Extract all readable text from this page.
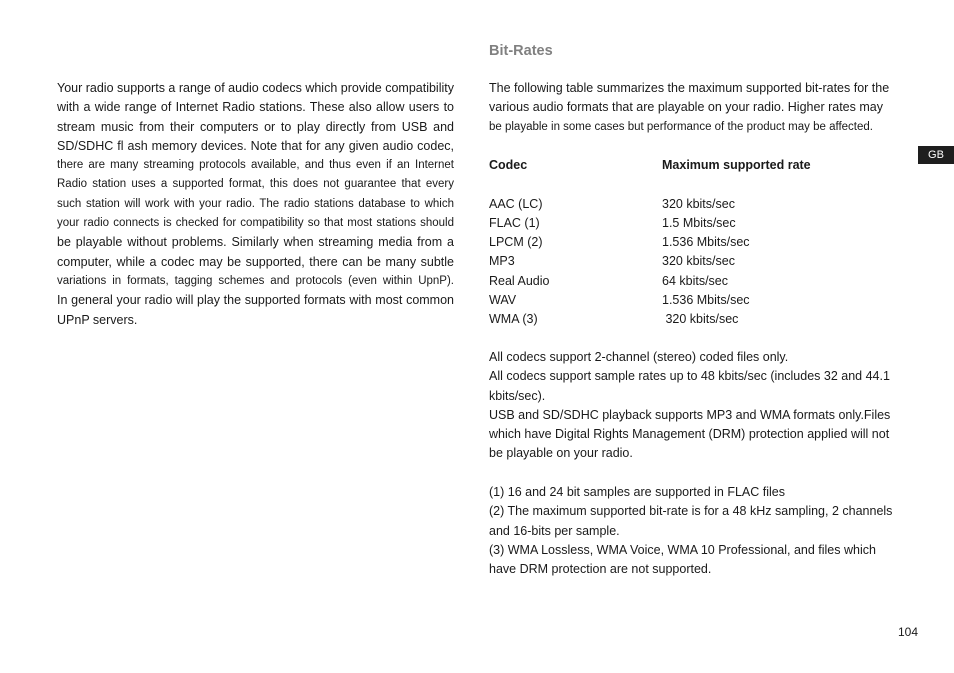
Your radio supports a range of audio codecs which provide compatibility
with a wide range of Internet Radio stations. These also allow users to
stream music from their computers or to play directly from USB and
SD/SDHC fl ash memory devices. Note that for any given audio codec,
there are many streaming protocols available, and thus even if an Internet
Radio station uses a supported format, this does not guarantee that every
such station will work with your radio. The radio stations database to which
your radio connects is checked for compatibility so that most stations should
be playable without problems. Similarly when streaming media from a
computer, while a codec may be supported, there can be many subtle
variations in formats, tagging schemes and protocols (even within UpnP).
In general your radio will play the supported formats with most common
UPnP servers.
Bit-Rates
The following table summarizes the maximum supported bit-rates for the
various audio formats that are playable on your radio. Higher rates may
be playable in some cases but performance of the product may be affected.
Codec	Maximum supported rate
AAC (LC)	320 kbits/sec
FLAC (1)	1.5 Mbits/sec
LPCM (2)	1.536 Mbits/sec
MP3	320 kbits/sec
Real Audio	64 kbits/sec
WAV	1.536 Mbits/sec
WMA (3)	320 kbits/sec
All codecs support 2-channel (stereo) coded files only.
All codecs support sample rates up to 48 kbits/sec (includes 32 and 44.1
kbits/sec).
USB and SD/SDHC playback supports MP3 and WMA formats only.Files
which have Digital Rights Management (DRM) protection applied will not
be playable on your radio.
(1) 16 and 24 bit samples are supported in FLAC files
(2) The maximum supported bit-rate is for a 48 kHz sampling, 2 channels
and 16-bits per sample.
(3) WMA Lossless, WMA Voice, WMA 10 Professional, and files which
have DRM protection are not supported.
GB
104
